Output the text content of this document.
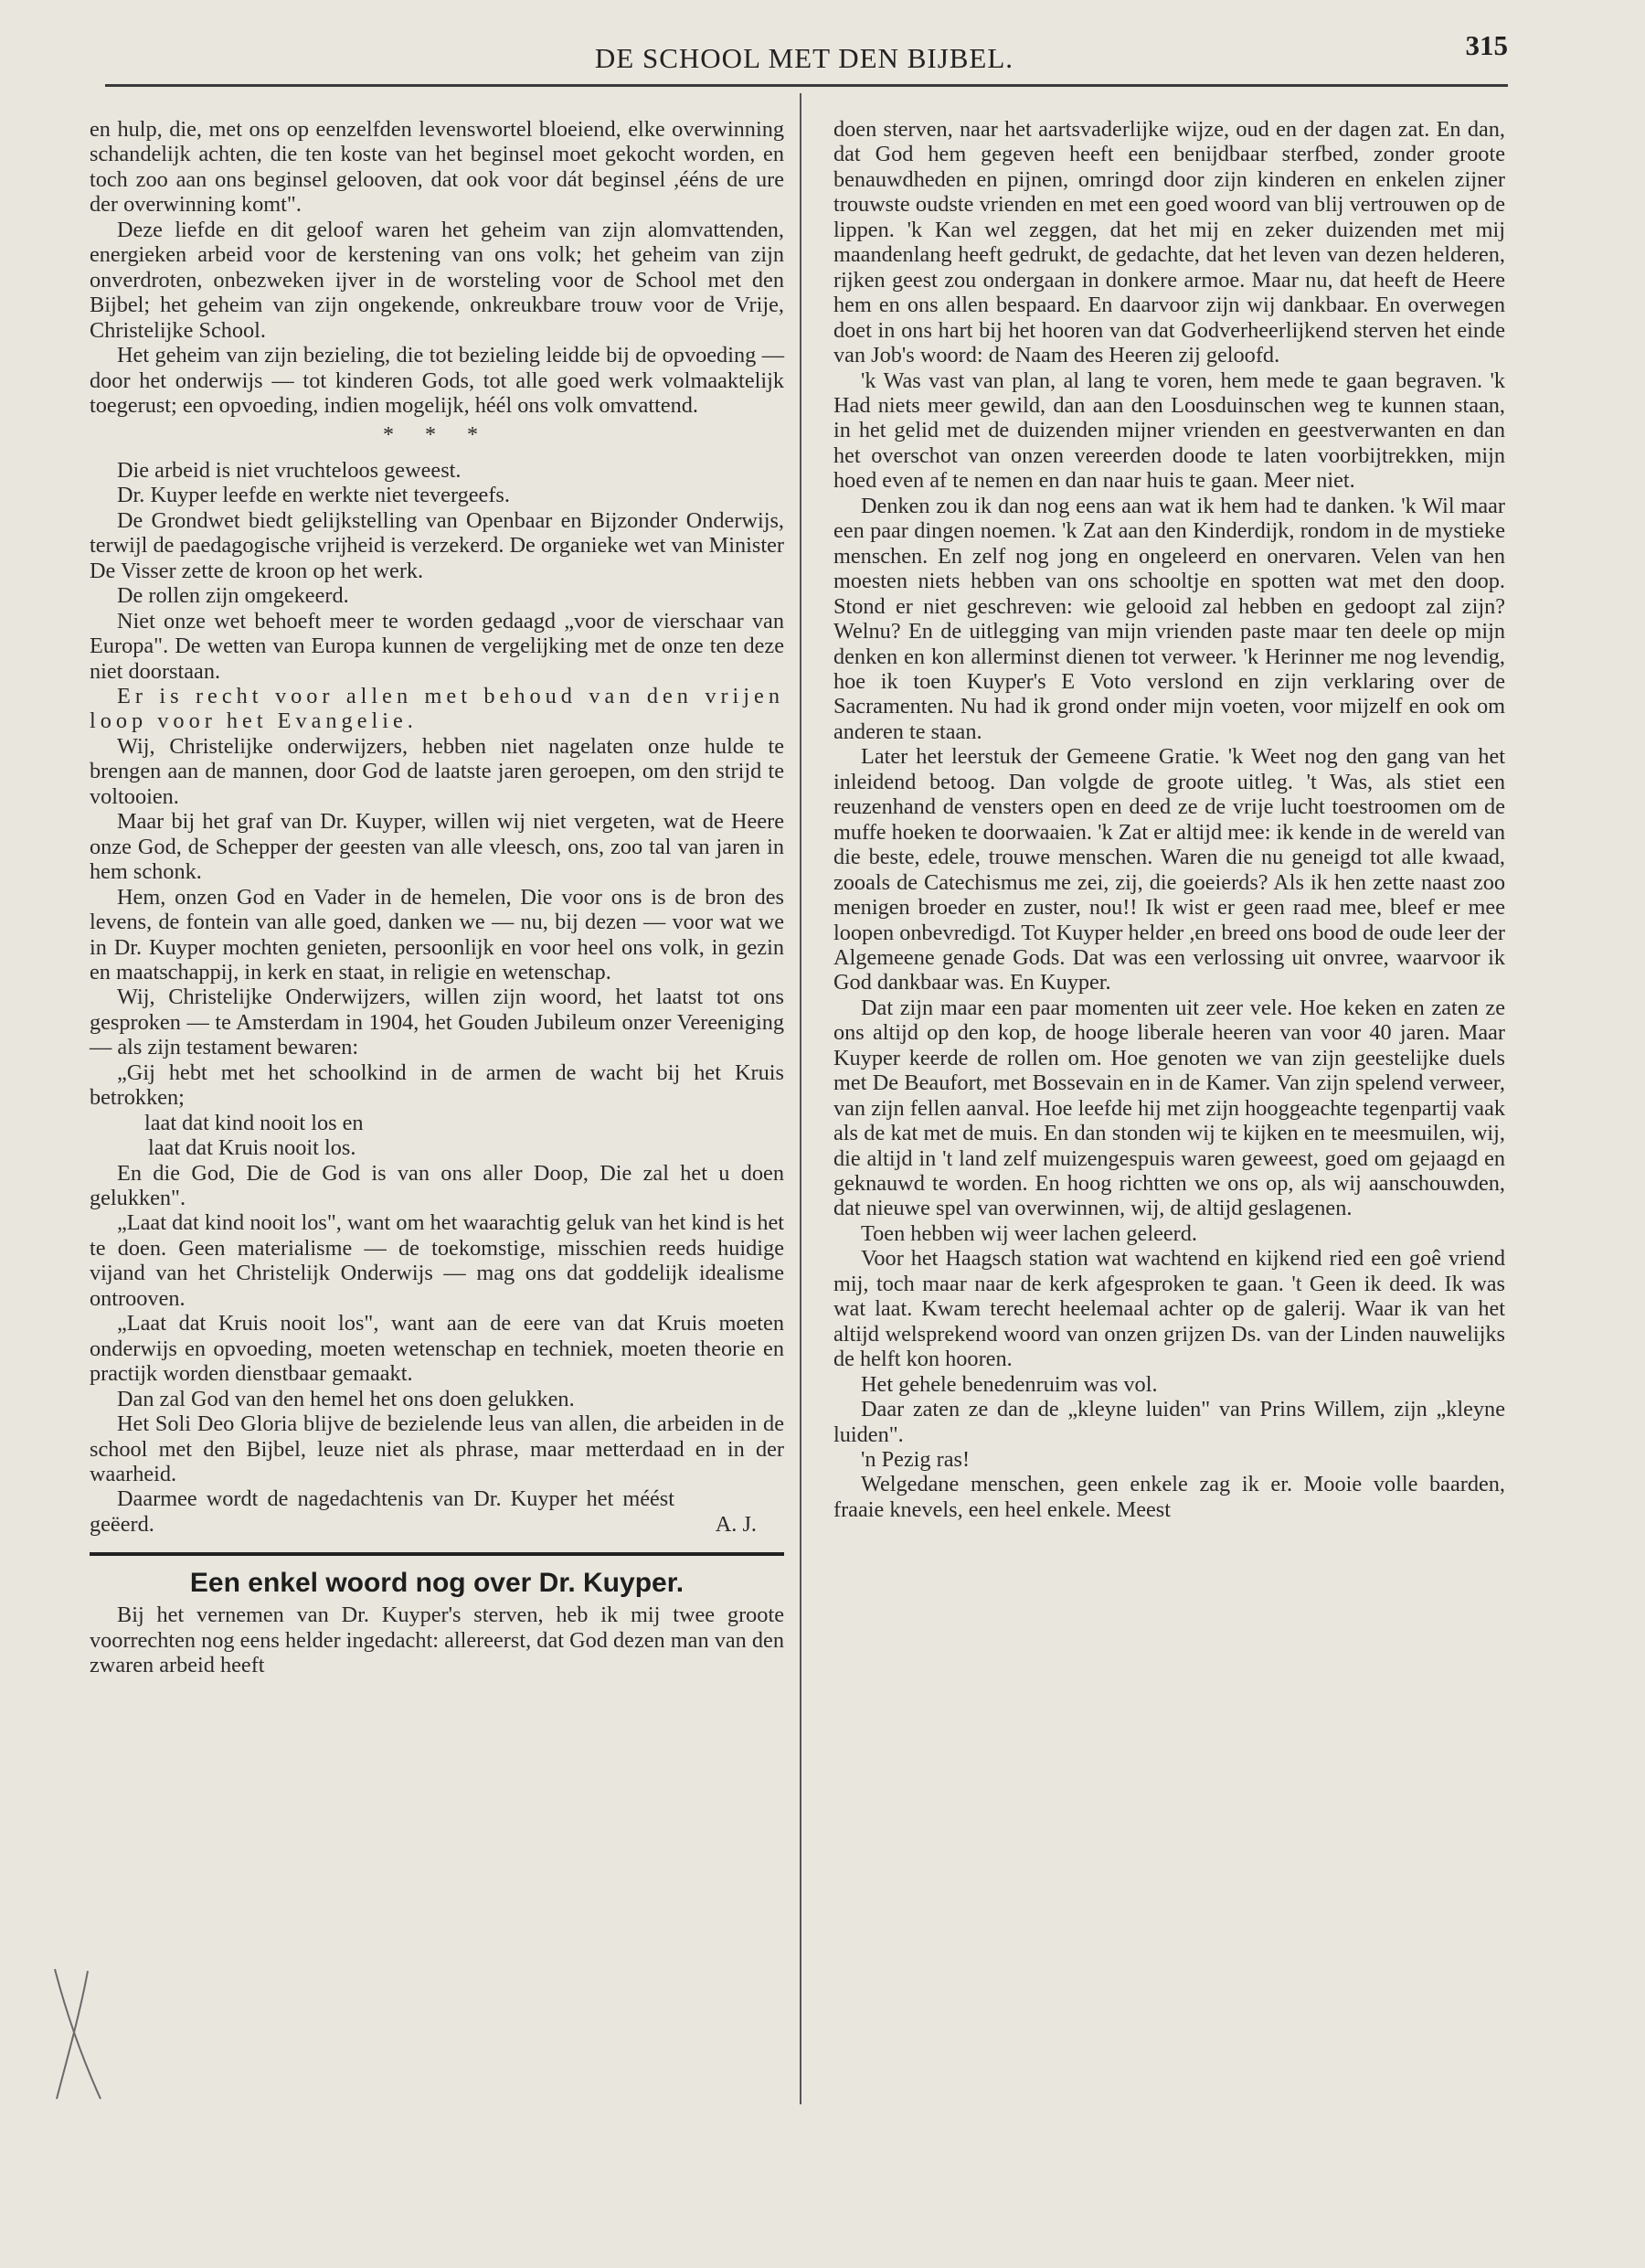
DE SCHOOL MET DEN BIJBEL.	315

en hulp, die, met ons op eenzelfden levenswortel bloeiend, elke overwinning schandelijk achten, die ten koste van het beginsel moet gekocht worden, en toch zoo aan ons beginsel gelooven, dat ook voor dát beginsel ,ééns de ure der overwinning komt".

Deze liefde en dit geloof waren het geheim van zijn alomvattenden, energieken arbeid voor de kerstening van ons volk; het geheim van zijn onverdroten, onbezweken ijver in de worsteling voor de School met den Bijbel; het geheim van zijn ongekende, onkreukbare trouw voor de Vrije, Christelijke School.

Het geheim van zijn bezieling, die tot bezieling leidde bij de opvoeding — door het onderwijs — tot kinderen Gods, tot alle goed werk volmaaktelijk toegerust; een opvoeding, indien mogelijk, héél ons volk omvattend.

* * *

Die arbeid is niet vruchteloos geweest.

Dr. Kuyper leefde en werkte niet tevergeefs.

De Grondwet biedt gelijkstelling van Openbaar en Bijzonder Onderwijs, terwijl de paedagogische vrijheid is verzekerd. De organieke wet van Minister De Visser zette de kroon op het werk.

De rollen zijn omgekeerd.

Niet onze wet behoeft meer te worden gedaagd „voor de vierschaar van Europa". De wetten van Europa kunnen de vergelijking met de onze ten deze niet doorstaan.

Er is recht voor allen met behoud van den vrijen loop voor het Evangelie.

Wij, Christelijke onderwijzers, hebben niet nagelaten onze hulde te brengen aan de mannen, door God de laatste jaren geroepen, om den strijd te voltooien.

Maar bij het graf van Dr. Kuyper, willen wij niet vergeten, wat de Heere onze God, de Schepper der geesten van alle vleesch, ons, zoo tal van jaren in hem schonk.

Hem, onzen God en Vader in de hemelen, Die voor ons is de bron des levens, de fontein van alle goed, danken we — nu, bij dezen — voor wat we in Dr. Kuyper mochten genieten, persoonlijk en voor heel ons volk, in gezin en maatschappij, in kerk en staat, in religie en wetenschap.

Wij, Christelijke Onderwijzers, willen zijn woord, het laatst tot ons gesproken — te Amsterdam in 1904, het Gouden Jubileum onzer Vereeniging — als zijn testament bewaren:

„Gij hebt met het schoolkind in de armen de wacht bij het Kruis betrokken;

laat dat kind nooit los en

laat dat Kruis nooit los.

En die God, Die de God is van ons aller Doop, Die zal het u doen gelukken".

„Laat dat kind nooit los", want om het waarachtig geluk van het kind is het te doen. Geen materialisme — de toekomstige, misschien reeds huidige vijand van het Christelijk Onderwijs — mag ons dat goddelijk idealisme ontrooven.

„Laat dat Kruis nooit los", want aan de eere van dat Kruis moeten onderwijs en opvoeding, moeten wetenschap en techniek, moeten theorie en practijk worden dienstbaar gemaakt.

Dan zal God van den hemel het ons doen gelukken.

Het Soli Deo Gloria blijve de bezielende leus van allen, die arbeiden in de school met den Bijbel, leuze niet als phrase, maar metterdaad en in der waarheid.

Daarmee wordt de nagedachtenis van Dr. Kuyper het méést geëerd.	A. J.

Een enkel woord nog over Dr. Kuyper.

Bij het vernemen van Dr. Kuyper's sterven, heb ik mij twee groote voorrechten nog eens helder ingedacht: allereerst, dat God dezen man van den zwaren arbeid heeft

doen sterven, naar het aartsvaderlijke wijze, oud en der dagen zat. En dan, dat God hem gegeven heeft een benijdbaar sterfbed, zonder groote benauwdheden en pijnen, omringd door zijn kinderen en enkelen zijner trouwste oudste vrienden en met een goed woord van blij vertrouwen op de lippen. 'k Kan wel zeggen, dat het mij en zeker duizenden met mij maandenlang heeft gedrukt, de gedachte, dat het leven van dezen helderen, rijken geest zou ondergaan in donkere armoe. Maar nu, dat heeft de Heere hem en ons allen bespaard. En daarvoor zijn wij dankbaar. En overwegen doet in ons hart bij het hooren van dat Godverheerlijkend sterven het einde van Job's woord: de Naam des Heeren zij geloofd.

'k Was vast van plan, al lang te voren, hem mede te gaan begraven. 'k Had niets meer gewild, dan aan den Loosduinschen weg te kunnen staan, in het gelid met de duizenden mijner vrienden en geestverwanten en dan het overschot van onzen vereerden doode te laten voorbijtrekken, mijn hoed even af te nemen en dan naar huis te gaan. Meer niet.

Denken zou ik dan nog eens aan wat ik hem had te danken. 'k Wil maar een paar dingen noemen. 'k Zat aan den Kinderdijk, rondom in de mystieke menschen. En zelf nog jong en ongeleerd en onervaren. Velen van hen moesten niets hebben van ons schooltje en spotten wat met den doop. Stond er niet geschreven: wie gelooid zal hebben en gedoopt zal zijn? Welnu? En de uitlegging van mijn vrienden paste maar ten deele op mijn denken en kon allerminst dienen tot verweer. 'k Herinner me nog levendig, hoe ik toen Kuyper's E Voto verslond en zijn verklaring over de Sacramenten. Nu had ik grond onder mijn voeten, voor mijzelf en ook om anderen te staan.

Later het leerstuk der Gemeene Gratie. 'k Weet nog den gang van het inleidend betoog. Dan volgde de groote uitleg. 't Was, als stiet een reuzenhand de vensters open en deed ze de vrije lucht toestroomen om de muffe hoeken te doorwaaien. 'k Zat er altijd mee: ik kende in de wereld van die beste, edele, trouwe menschen. Waren die nu geneigd tot alle kwaad, zooals de Catechismus me zei, zij, die goeierds? Als ik hen zette naast zoo menigen broeder en zuster, nou!! Ik wist er geen raad mee, bleef er mee loopen onbevredigd. Tot Kuyper helder ,en breed ons bood de oude leer der Algemeene genade Gods. Dat was een verlossing uit onvree, waarvoor ik God dankbaar was. En Kuyper.

Dat zijn maar een paar momenten uit zeer vele. Hoe keken en zaten ze ons altijd op den kop, de hooge liberale heeren van voor 40 jaren. Maar Kuyper keerde de rollen om. Hoe genoten we van zijn geestelijke duels met De Beaufort, met Bossevain en in de Kamer. Van zijn spelend verweer, van zijn fellen aanval. Hoe leefde hij met zijn hooggeachte tegenpartij vaak als de kat met de muis. En dan stonden wij te kijken en te meesmuilen, wij, die altijd in 't land zelf muizengespuis waren geweest, goed om gejaagd en geknauwd te worden. En hoog richtten we ons op, als wij aanschouwden, dat nieuwe spel van overwinnen, wij, de altijd geslagenen.

Toen hebben wij weer lachen geleerd.

Voor het Haagsch station wat wachtend en kijkend ried een goê vriend mij, toch maar naar de kerk afgesproken te gaan. 't Geen ik deed. Ik was wat laat. Kwam terecht heelemaal achter op de galerij. Waar ik van het altijd welsprekend woord van onzen grijzen Ds. van der Linden nauwelijks de helft kon hooren.

Het gehele benedenruim was vol.

Daar zaten ze dan de „kleyne luiden" van Prins Willem, zijn „kleyne luiden".

'n Pezig ras!

Welgedane menschen, geen enkele zag ik er. Mooie volle baarden, fraaie knevels, een heel enkele. Meest
